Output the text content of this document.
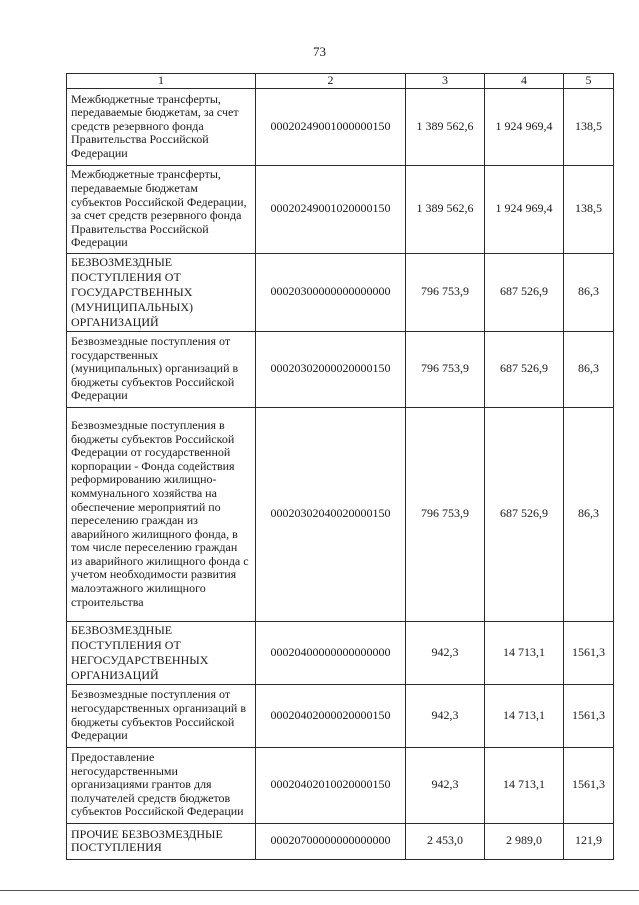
73
1	2	3	4	5
Межбюджетные трансферты, передаваемые бюджетам, за счет средств резервного фонда Правительства Российской Федерации	00020249001000000150	1 389 562,6	1 924 969,4	138,5
Межбюджетные трансферты, передаваемые бюджетам субъектов Российской Федерации, за счет средств резервного фонда Правительства Российской Федерации	00020249001020000150	1 389 562,6	1 924 969,4	138,5
БЕЗВОЗМЕЗДНЫЕ ПОСТУПЛЕНИЯ ОТ ГОСУДАРСТВЕННЫХ (МУНИЦИПАЛЬНЫХ) ОРГАНИЗАЦИЙ	00020300000000000000	796 753,9	687 526,9	86,3
Безвозмездные поступления от государственных (муниципальных) организаций в бюджеты субъектов Российской Федерации	00020302000020000150	796 753,9	687 526,9	86,3
Безвозмездные поступления в бюджеты субъектов Российской Федерации от государственной корпорации - Фонда содействия реформированию жилищно-коммунального хозяйства на обеспечение мероприятий по переселению граждан из аварийного жилищного фонда, в том числе переселению граждан из аварийного жилищного фонда с учетом необходимости развития малоэтажного жилищного строительства	00020302040020000150	796 753,9	687 526,9	86,3
БЕЗВОЗМЕЗДНЫЕ ПОСТУПЛЕНИЯ ОТ НЕГОСУДАРСТВЕННЫХ ОРГАНИЗАЦИЙ	00020400000000000000	942,3	14 713,1	1561,3
Безвозмездные поступления от негосударственных организаций в бюджеты субъектов Российской Федерации	00020402000020000150	942,3	14 713,1	1561,3
Предоставление негосударственными организациями грантов для получателей средств бюджетов субъектов Российской Федерации	00020402010020000150	942,3	14 713,1	1561,3
ПРОЧИЕ БЕЗВОЗМЕЗДНЫЕ ПОСТУПЛЕНИЯ	00020700000000000000	2 453,0	2 989,0	121,9
